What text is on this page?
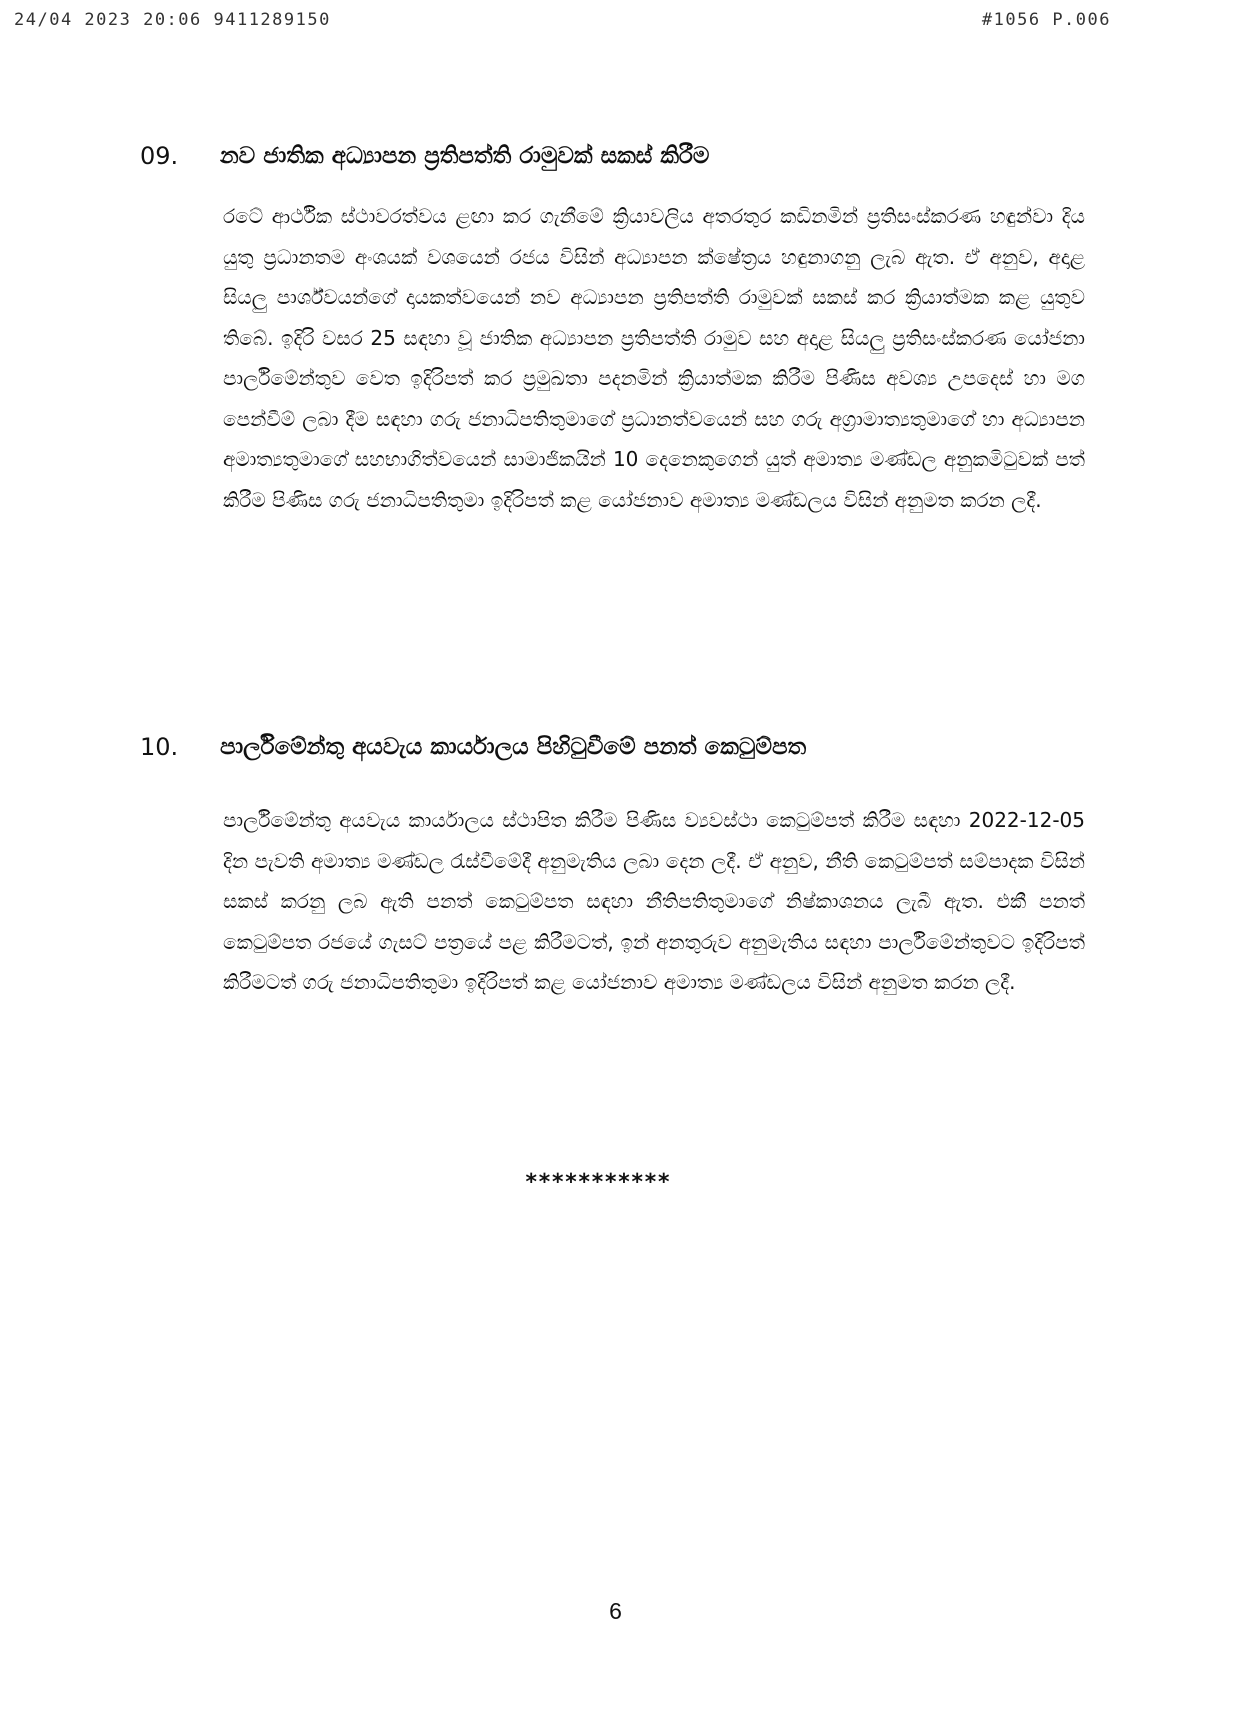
24/04 2023 20:06 9411289150	#1056 P.006
09. නව ජාතික අධ්‍යාපන ප්‍රතිපත්ති රාමුවක් සකස් කිරීම
රටේ ආර්ථික ස්ථාවරත්වය ළඟා කර ගැනීමේ ක්‍රියාවලිය අතරතුර කඩිනමින් ප්‍රතිසංස්කරණ හඳුන්වා දිය යුතු ප්‍රධානතම අංශයක් වශයෙන් රජය විසින් අධ්‍යාපන ක්ෂේත්‍රය හඳුනාගනු ලැබ ඇත. ඒ අනුව, අදාළ සියලු පාර්ශ්වයන්ගේ දායකත්වයෙන් නව අධ්‍යාපන ප්‍රතිපත්ති රාමුවක් සකස් කර ක්‍රියාත්මක කළ යුතුව තිබේ. ඉදිරි වසර 25 සඳහා වූ ජාතික අධ්‍යාපන ප්‍රතිපත්ති රාමුව සහ අදාළ සියලු ප්‍රතිසංස්කරණ යෝජනා පාර්ලිමේන්තුව වෙත ඉදිරිපත් කර ප්‍රමුඛතා පදනමින් ක්‍රියාත්මක කිරීම පිණිස අවශ්‍ය උපදෙස් හා මග පෙන්වීම් ලබා දීම සඳහා ගරු ජනාධිපතිතුමාගේ ප්‍රධානත්වයෙන් සහ ගරු අග්‍රාමාත්‍යතුමාගේ හා අධ්‍යාපන අමාත්‍යතුමාගේ සහභාගිත්වයෙන් සාමාජිකයින් 10 දෙනෙකුගෙන් යුත් අමාත්‍ය මණ්ඩල අනුකමිටුවක් පත් කිරීම පිණිස ගරු ජනාධිපතිතුමා ඉදිරිපත් කළ යෝජනාව අමාත්‍ය මණ්ඩලය විසින් අනුමත කරන ලදී.
10. පාර්ලිමේන්තු අයවැය කාර්යාලය පිහිටුවීමේ පනත් කෙටුම්පත
පාර්ලිමේන්තු අයවැය කාර්යාලය ස්ථාපිත කිරීම පිණිස ව්‍යවස්ථා කෙටුම්පත් කිරීම සඳහා 2022-12-05 දින පැවති අමාත්‍ය මණ්ඩල රැස්වීමේදී අනුමැතිය ලබා දෙන ලදී. ඒ අනුව, නීති කෙටුම්පත් සම්පාදක විසින් සකස් කරනු ලබ ඇති පනත් කෙටුම්පත සඳහා නීතිපතිතුමාගේ නිෂ්කාශනය ලැබී ඇත. එකී පනත් කෙටුම්පත රජයේ ගැසට් පත්‍රයේ පළ කිරීමටත්, ඉන් අනතුරුව අනුමැතිය සඳහා පාර්ලිමේන්තුවට ඉදිරිපත් කිරීමටත් ගරු ජනාධිපතිතුමා ඉදිරිපත් කළ යෝජනාව අමාත්‍ය මණ්ඩලය විසින් අනුමත කරන ලදී.
***********
6
